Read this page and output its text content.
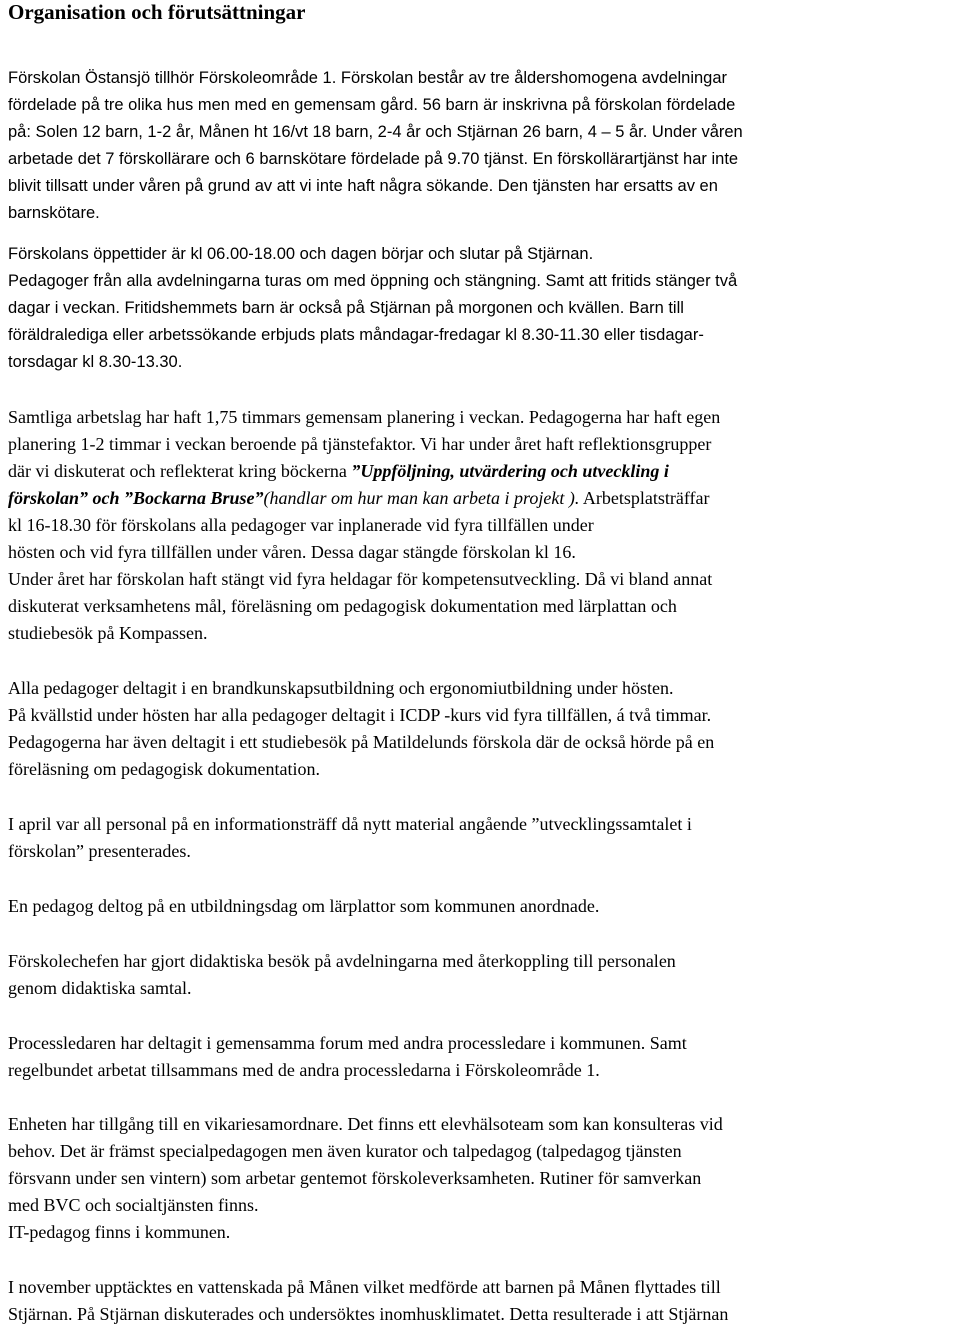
Organisation och förutsättningar

Förskolan Östansjö tillhör Förskoleområde 1. Förskolan består av tre åldershomogena avdelningar

fördelade på tre olika hus men med en gemensam gård. 56 barn är inskrivna på förskolan fördelade

på: Solen 12 barn, 1-2 år, Månen ht 16/vt 18 barn, 2-4 år och Stjärnan 26 barn, 4 – 5 år. Under våren

arbetade det 7 förskollärare och 6 barnskötare fördelade på 9.70 tjänst. En förskollärartjänst har inte

blivit tillsatt under våren på grund av att vi inte haft några sökande. Den tjänsten har ersatts av en

barnskötare.

Förskolans öppettider är kl 06.00-18.00 och dagen börjar och slutar på Stjärnan.

Pedagoger från alla avdelningarna turas om med öppning och stängning. Samt att fritids stänger två

dagar i veckan. Fritidshemmets barn är också på Stjärnan på morgonen och kvällen. Barn till

föräldralediga eller arbetssökande erbjuds plats måndagar-fredagar kl 8.30-11.30 eller tisdagar-

torsdagar kl 8.30-13.30.

Samtliga arbetslag har haft 1,75 timmars gemensam planering i veckan. Pedagogerna har haft egen

planering 1-2 timmar i veckan beroende på tjänstefaktor. Vi har under året haft reflektionsgrupper

där vi diskuterat och reflekterat kring böckerna ”Uppföljning, utvärdering och utveckling i

förskolan” och ”Bockarna Bruse”(handlar om hur man kan arbeta i projekt ). Arbetsplatsträffar

kl 16-18.30 för förskolans alla pedagoger var inplanerade vid fyra tillfällen under

hösten och vid fyra tillfällen under våren. Dessa dagar stängde förskolan kl 16.

Under året har förskolan haft stängt vid fyra heldagar för kompetensutveckling. Då vi bland annat

diskuterat verksamhetens mål, föreläsning om pedagogisk dokumentation med lärplattan och

studiebesök på Kompassen.

Alla pedagoger deltagit i en brandkunskapsutbildning och ergonomiutbildning under hösten.

På kvällstid under hösten har alla pedagoger deltagit i ICDP -kurs vid fyra tillfällen, á två timmar.

Pedagogerna har även deltagit i ett studiebesök på Matildelunds förskola där de också hörde på en

föreläsning om pedagogisk dokumentation.

I april var all personal på en informationsträff då nytt material angående ”utvecklingssamtalet i

förskolan” presenterades.

En pedagog deltog på en utbildningsdag om lärplattor som kommunen anordnade.

Förskolechefen har gjort didaktiska besök på avdelningarna med återkoppling till personalen

genom didaktiska samtal.

Processledaren har deltagit i gemensamma forum med andra processledare i kommunen. Samt

regelbundet arbetat tillsammans med de andra processledarna i Förskoleområde 1.

Enheten har tillgång till en vikariesamordnare. Det finns ett elevhälsoteam som kan konsulteras vid

behov. Det är främst specialpedagogen men även kurator och talpedagog (talpedagog tjänsten

försvann under sen vintern) som arbetar gentemot förskoleverksamheten. Rutiner för samverkan

med BVC och socialtjänsten finns.

IT-pedagog finns i kommunen.

I november upptäcktes en vattenskada på Månen vilket medförde att barnen på Månen flyttades till

Stjärnan. På Stjärnan diskuterades och undersöktes inomhusklimatet. Detta resulterade i att Stjärnan
